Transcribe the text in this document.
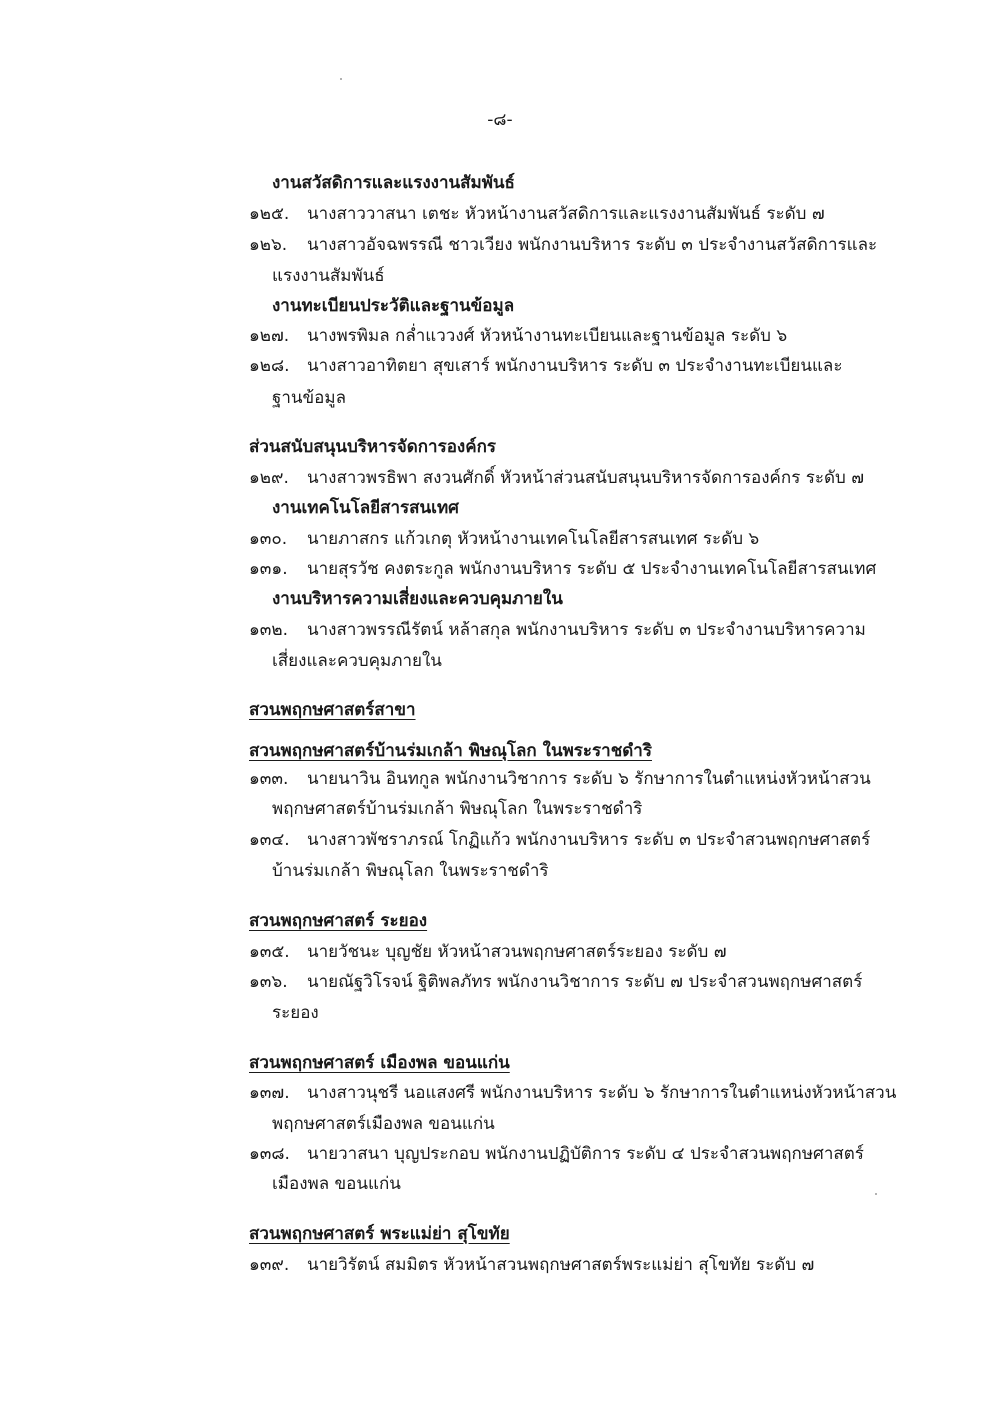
-๘-
งานสวัสดิการและแรงงานสัมพันธ์
๑๒๕. นางสาววาสนา เตชะ หัวหน้างานสวัสดิการและแรงงานสัมพันธ์ ระดับ ๗
๑๒๖. นางสาวอัจฉพรรณี ชาวเวียง พนักงานบริหาร ระดับ ๓ ประจำงานสวัสดิการและ
แรงงานสัมพันธ์
งานทะเบียนประวัติและฐานข้อมูล
๑๒๗. นางพรพิมล กล่ำแววงศ์ หัวหน้างานทะเบียนและฐานข้อมูล ระดับ ๖
๑๒๘. นางสาวอาทิตยา สุขเสาร์ พนักงานบริหาร ระดับ ๓ ประจำงานทะเบียนและ
ฐานข้อมูล
ส่วนสนับสนุนบริหารจัดการองค์กร
๑๒๙. นางสาวพรธิพา สงวนศักดิ์ หัวหน้าส่วนสนับสนุนบริหารจัดการองค์กร ระดับ ๗
งานเทคโนโลยีสารสนเทศ
๑๓๐. นายภาสกร แก้วเกตุ หัวหน้างานเทคโนโลยีสารสนเทศ ระดับ ๖
๑๓๑. นายสุรวัช คงตระกูล พนักงานบริหาร ระดับ ๕ ประจำงานเทคโนโลยีสารสนเทศ
งานบริหารความเสี่ยงและควบคุมภายใน
๑๓๒. นางสาวพรรณีรัตน์ หล้าสกุล พนักงานบริหาร ระดับ ๓ ประจำงานบริหารความ
เสี่ยงและควบคุมภายใน
สวนพฤกษศาสตร์สาขา
สวนพฤกษศาสตร์บ้านร่มเกล้า พิษณุโลก ในพระราชดำริ
๑๓๓. นายนาวิน อินทกูล พนักงานวิชาการ ระดับ ๖ รักษาการในตำแหน่งหัวหน้าสวน
พฤกษศาสตร์บ้านร่มเกล้า พิษณุโลก ในพระราชดำริ
๑๓๔. นางสาวพัชราภรณ์ โกฏิแก้ว พนักงานบริหาร ระดับ ๓ ประจำสวนพฤกษศาสตร์
บ้านร่มเกล้า พิษณุโลก ในพระราชดำริ
สวนพฤกษศาสตร์ ระยอง
๑๓๕. นายวัชนะ บุญชัย หัวหน้าสวนพฤกษศาสตร์ระยอง ระดับ ๗
๑๓๖. นายณัฐวิโรจน์ ฐิติพลภัทร พนักงานวิชาการ ระดับ ๗ ประจำสวนพฤกษศาสตร์
ระยอง
สวนพฤกษศาสตร์ เมืองพล ขอนแก่น
๑๓๗. นางสาวนุชรี นอแสงศรี พนักงานบริหาร ระดับ ๖ รักษาการในตำแหน่งหัวหน้าสวน
พฤกษศาสตร์เมืองพล ขอนแก่น
๑๓๘. นายวาสนา บุญประกอบ พนักงานปฏิบัติการ ระดับ ๔ ประจำสวนพฤกษศาสตร์
เมืองพล ขอนแก่น
สวนพฤกษศาสตร์ พระแม่ย่า สุโขทัย
๑๓๙. นายวิรัตน์ สมมิตร หัวหน้าสวนพฤกษศาสตร์พระแม่ย่า สุโขทัย ระดับ ๗
